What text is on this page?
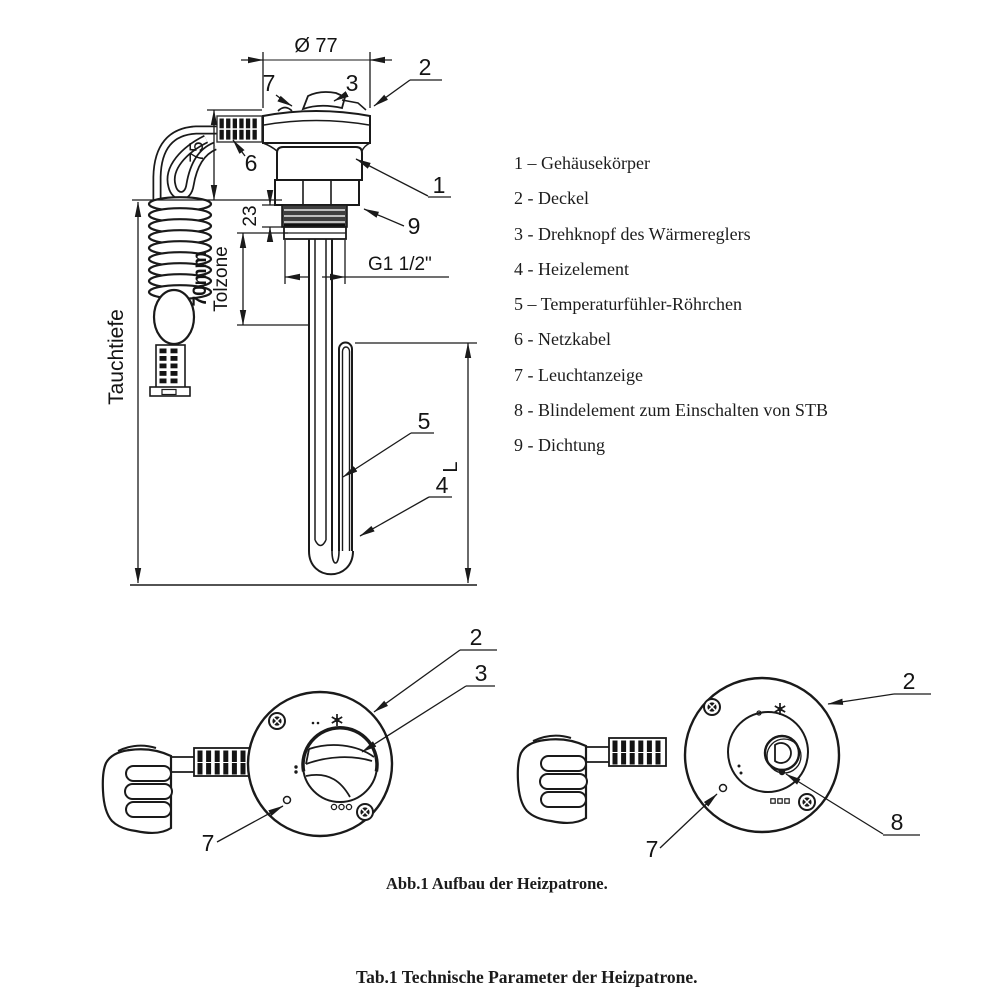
Ø 77
75
23
G1 1/2"
70mm Tolzone
Tauchtiefe
L
7	3
2
6
1
9
5
4
2
3
7
2
8
7
1 – Gehäusekörper
2 - Deckel
3 - Drehknopf des Wärmereglers
4 - Heizelement
5 – Temperaturfühler-Röhrchen
6 - Netzkabel
7 - Leuchtanzeige
8 - Blindelement zum Einschalten von STB
9 - Dichtung
Abb.1 Aufbau der Heizpatrone.
Tab.1 Technische Parameter der Heizpatrone.
